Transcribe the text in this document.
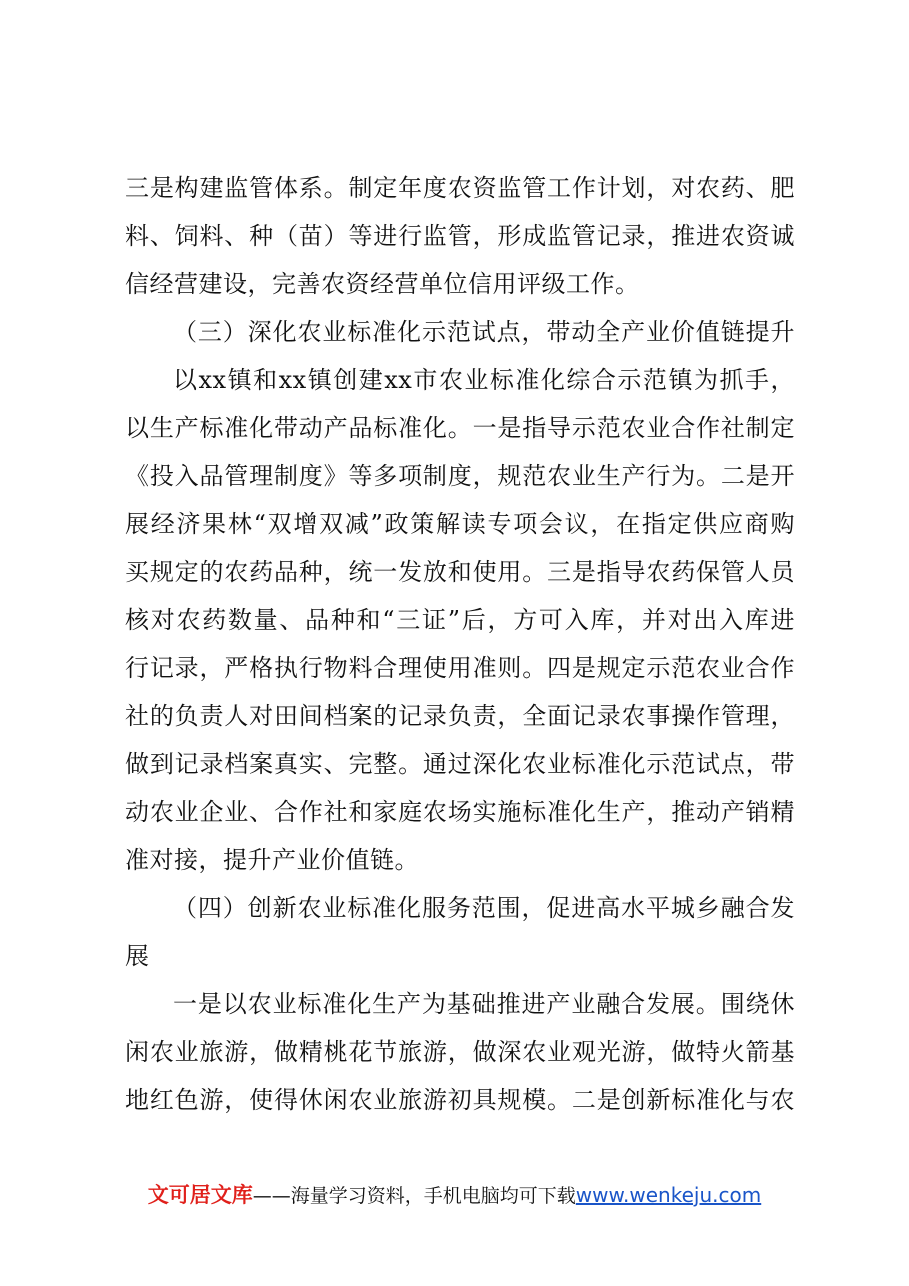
三是构建监管体系。制定年度农资监管工作计划，对农药、肥
料、饲料、种（苗）等进行监管，形成监管记录，推进农资诚
信经营建设，完善农资经营单位信用评级工作。
（三）深化农业标准化示范试点，带动全产业价值链提升
以xx镇和xx镇创建xx市农业标准化综合示范镇为抓手，
以生产标准化带动产品标准化。一是指导示范农业合作社制定
《投入品管理制度》等多项制度，规范农业生产行为。二是开
展经济果林“双增双减”政策解读专项会议，在指定供应商购
买规定的农药品种，统一发放和使用。三是指导农药保管人员
核对农药数量、品种和“三证”后，方可入库，并对出入库进
行记录，严格执行物料合理使用准则。四是规定示范农业合作
社的负责人对田间档案的记录负责，全面记录农事操作管理，
做到记录档案真实、完整。通过深化农业标准化示范试点，带
动农业企业、合作社和家庭农场实施标准化生产，推动产销精
准对接，提升产业价值链。
（四）创新农业标准化服务范围，促进高水平城乡融合发
展
一是以农业标准化生产为基础推进产业融合发展。围绕休
闲农业旅游，做精桃花节旅游，做深农业观光游，做特火箭基
地红色游，使得休闲农业旅游初具规模。二是创新标准化与农
文可居文库——海量学习资料，手机电脑均可下载www.wenkeju.com
